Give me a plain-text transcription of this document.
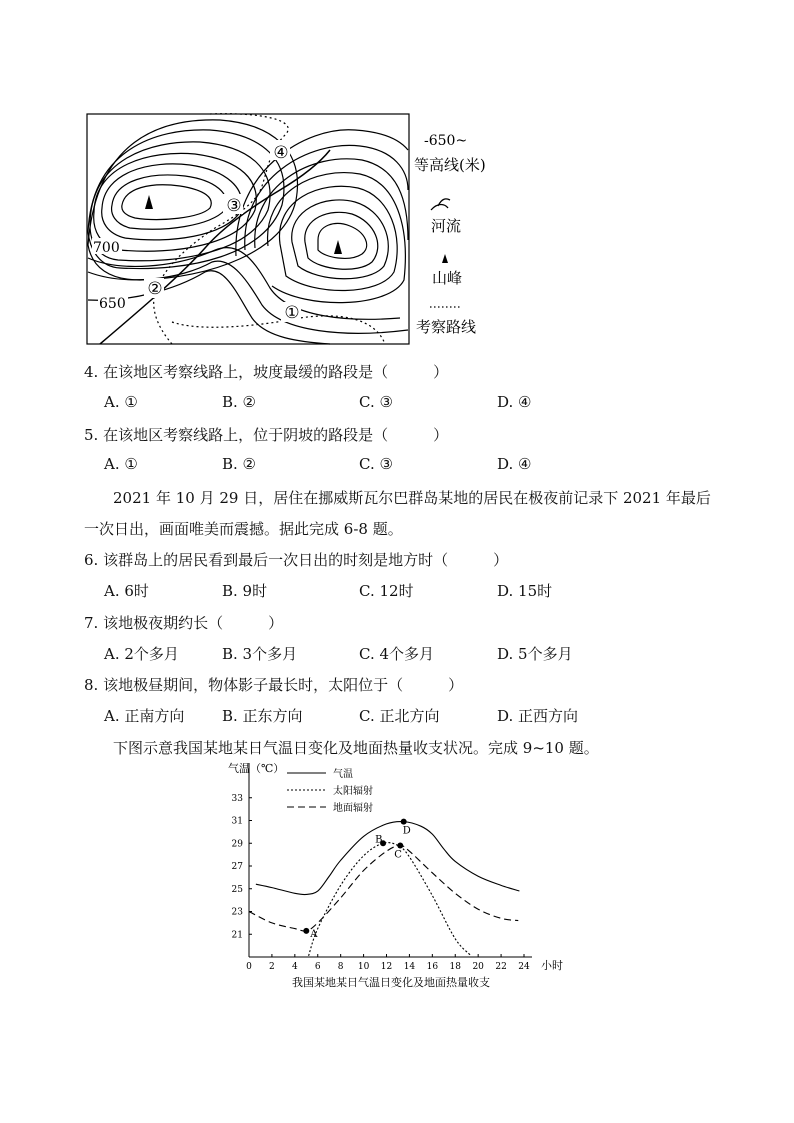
④
③
②
①
700
650
-650~
等高线(米)
河流
山峰
考察路线
4. 在该地区考察线路上，坡度最缓的路段是（　　　）
A. ①	B. ②	C. ③	D. ④
5. 在该地区考察线路上，位于阴坡的路段是（　　　）
A. ①	B. ②	C. ③	D. ④
2021 年 10 月 29 日，居住在挪威斯瓦尔巴群岛某地的居民在极夜前记录下 2021 年最后
一次日出，画面唯美而震撼。据此完成 6-8 题。
6. 该群岛上的居民看到最后一次日出的时刻是地方时（　　　）
A. 6时	B. 9时	C. 12时	D. 15时
7. 该地极夜期约长（　　　）
A. 2个多月	B. 3个多月	C. 4个多月	D. 5个多月
8. 该地极昼期间，物体影子最长时，太阳位于（　　　）
A. 正南方向	B. 正东方向	C. 正北方向	D. 正西方向
下图示意我国某地某日气温日变化及地面热量收支状况。完成 9~10 题。
0 2 4 6 8 10 12 14 16 18 20 22 24
21
23
25
27
29
31
33
A
B
C
D
气温
太阳辐射
地面辐射
气温（℃）
小时
我国某地某日气温日变化及地面热量收支
